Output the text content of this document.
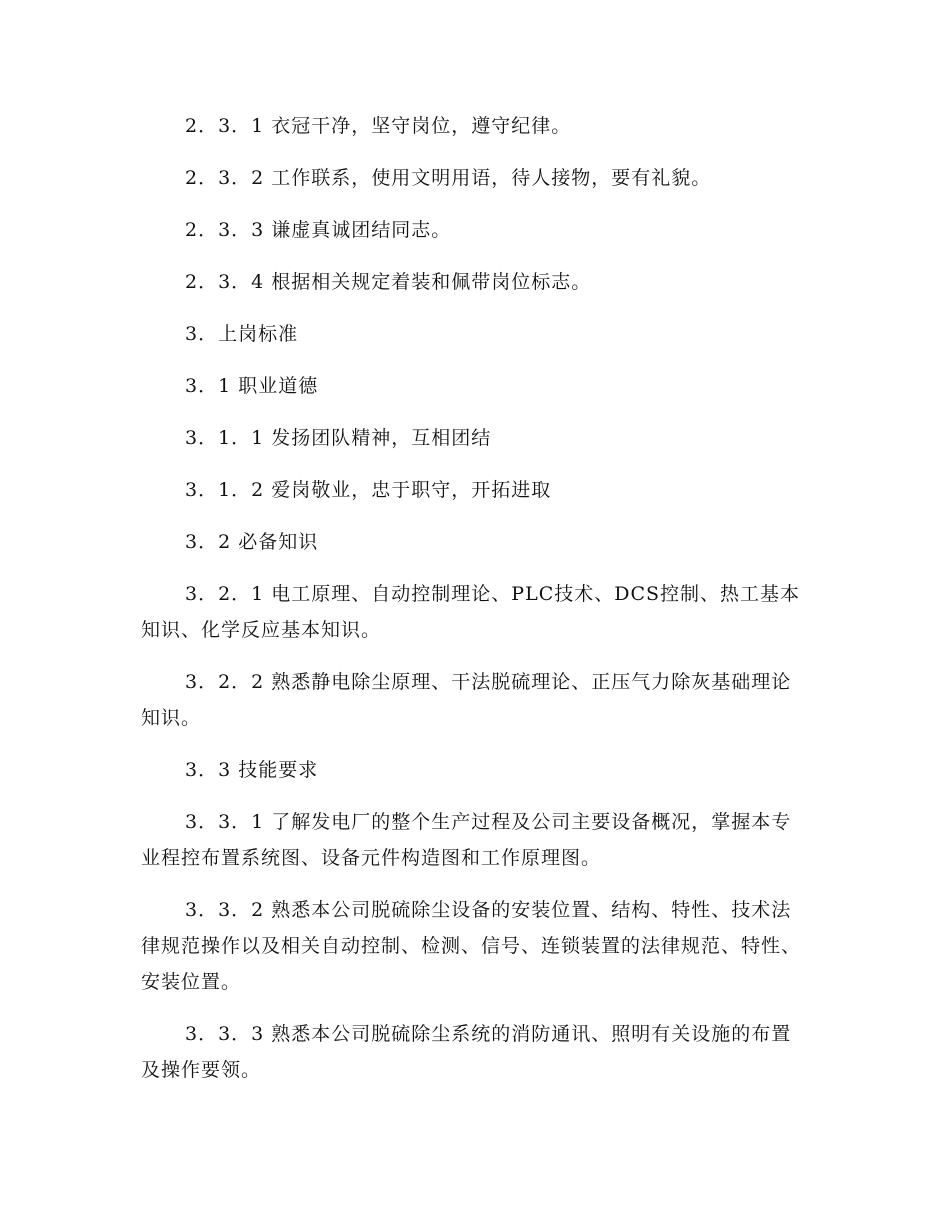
2．3．1 衣冠干净，坚守岗位，遵守纪律。

2．3．2 工作联系，使用文明用语，待人接物，要有礼貌。

2．3．3 谦虚真诚团结同志。

2．3．4 根据相关规定着装和佩带岗位标志。

3．上岗标准

3．1 职业道德

3．1．1 发扬团队精神，互相团结

3．1．2 爱岗敬业，忠于职守，开拓进取

3．2 必备知识

3．2．1 电工原理、自动控制理论、PLC技术、DCS控制、热工基本知识、化学反应基本知识。

3．2．2 熟悉静电除尘原理、干法脱硫理论、正压气力除灰基础理论知识。

3．3 技能要求

3．3．1 了解发电厂的整个生产过程及公司主要设备概况，掌握本专业程控布置系统图、设备元件构造图和工作原理图。

3．3．2 熟悉本公司脱硫除尘设备的安装位置、结构、特性、技术法律规范操作以及相关自动控制、检测、信号、连锁装置的法律规范、特性、安装位置。

3．3．3 熟悉本公司脱硫除尘系统的消防通讯、照明有关设施的布置及操作要领。
